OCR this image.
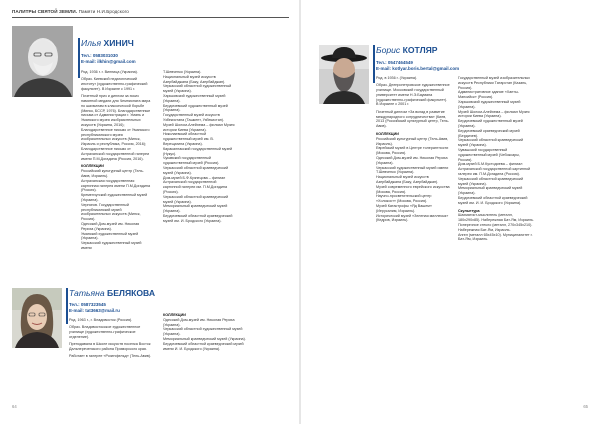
ПАЛИТРЫ СВЯТОЙ ЗЕМЛИ. Памяти Н.И.Бродского
Илья ХИНИЧ
Тел.: 0583031030
E-mail: ilkhin@gmail.com

Род. 1936 г. г. Винница (Украина).

Образ. Киевский педагогический институт (художественно-графический факультет). В Израиле с 1991 г.

Почетный приз и диплом за эскиз памятной медали для Чемпионата мира по шахматам в классической борьбе (Минск, БССР, 1976). Благодарственные письма от Администрации г. Умань и Уманского музея изобразительных искусств (Украина, 2016); Благодарственное письмо от Уманского республиканского музея изобразительных искусств (Минск, Израиль и республика, Россия, 2016); Благодарственное письмо от Астраханской государственной галереи имени П.М.Догадина (Россия, 2016).

КОЛЛЕКЦИИ
Российский культурный центр (Тель-Авив, Израиль).
Астраханская государственная картинная галерея имени П.М.Догадина (Россия).
Кременчугский художественный музей (Украина).
Чернигов. Государственный республиканский музей изобразительных искусств (Минск, Россия).
Одесский Дом-музей им. Николая Рериха (Украина).
Уманский художественный музей (Украина).
Черкасский художественный музей имени
Т.Шевченко (Украина).
Национальный музей искусств Азербайджана (Баку, Азербайджан).
Черкасский областной художественный музей (Украина).
Харьковский художественный музей (Украина).
Бердичевский художественный музей (Украина).
Государственный музей искусств Узбекистана (Ташкент, Узбекистан).
Музей Шолом-Алейхема – филиал Музея истории Киева (Украина).
Николаевский областной художественный музей им. В. Верещагина (Украина).
Каракалпакский государственный музей (Нукус).
Чукавский государственный художественный музей (Россия).
Черкасский областной краеведческий музей (Украина).
Дом-музей Б.Ф.Кузнецова – филиал Астраханской государственной картинной галереи им. П.М.Догадина (Россия).
Черкасский областной краеведческий музей (Украина).
Мемориальный краеведческий музей (Украина).
Бердичевский областной краеведческий музей им. И. Бродского (Украина).
Татьяна БЕЛЯКОВА
Тел.: 0587323545
E-mail: tat3663@mail.ru

Род. 1963 г., г. Владивосток (Россия).

Образ. Владивостокское художественное училище (художественно-графическое отделение).

Преподавала в Школе искусств поселка Восток Дальнереченского района Приморского края.

Работает в галерее «Розенфельд» (Тель-Авив).

КОЛЛЕКЦИИ
Одесский Дом-музей им. Николая Рериха (Украина).
Черкасский областной художественный музей (Украина).
Мемориальный краеведческий музей (Украина).
Бердичевский областной краеведческий музей имени И. И. Бродского (Украина).
64
Борис КОТЛЯР
Тел.: 0547464549
E-mail: kotlyar.boris.bertal@gmail.com

Род. в 1936 г. (Украина).

Образ. Днепропетровское художественное училище. Московский государственный университет имени Н.Э.Баумана (художественно-графический факультет). В Израиле с 2001 г.

Почетный диплом «За вклад в развитие международного сотрудничества» (Киев, 2013 (Российский культурный центр, Тель-Авив).

КОЛЛЕКЦИИ
Российский культурный центр (Тель-Авив, Израиль).
Еврейский музей в Центре толерантности (Москва, Россия).
Одесский Дом-музей им. Николая Рериха (Украина).
Черкасский художественный музей имени Т.Шевченко (Украина).
Национальный музей искусств Азербайджана (Баку, Азербайджан).
Музей современного еврейского искусства (Москва, Россия).
Научно-просветительский центр «Холокост» (Москва, Россия).
Музей Катастрофы «Яд Вашем» (Иерусалим, Израиль).
Исторический музей «Зеленая миллесья» (Кедров, Израиль).
Государственный музей изобразительных искусств Республики Татарстан (Казань, Россия).
Административное здание «Ханты-Мансийск» (Россия).
Харьковский художественный музей (Украина).
Музей Шолом-Алейхема – филиал Музея истории Киева (Украина).
Бердичевский художественный музей (Украина).
Бердичевский краеведческий музей (Бердичев).
Черкасский областной краеведческий музей (Украина).
Чувашский государственный художественный музей (Чебоксары, Россия).
Дом-музей Б.М.Кустодиева – филиал Астраханской государственной картинной галереи им. П.М.Догадина (Россия).
Черкасский областной краеведческий музей (Украина).
Мемориальный краеведческий музей (Украина).
Бердичевский областной краеведческий музей им. И. И. Бродского (Украина).
Скульптура
Шахматист-мыслитель (металл, 180х290х85). Набережная Бат-Ям, Израиль.
Поперечное стекло (металл, 270х345х210). Набережная Бат-Ям, Израиль.
Ангел (металл 65х45х10). Муниципалитет г. Бат-Ям, Израиль.
65
